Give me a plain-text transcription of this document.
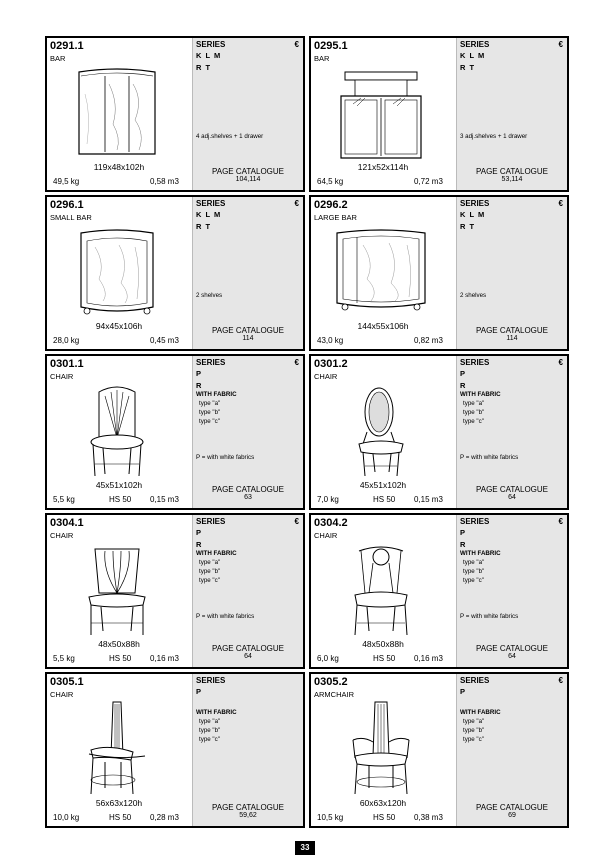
0291.1
BAR
119x48x102h
49,5 kg	0,58 m3
SERIES	€
K L M
R T
4 adj.shelves + 1 drawer
PAGE CATALOGUE
104,114
0295.1
BAR
121x52x114h
64,5 kg	0,72 m3
SERIES	€
K L M
R T
3 adj.shelves + 1 drawer
PAGE CATALOGUE
53,114
0296.1
SMALL BAR
94x45x106h
28,0 kg	0,45 m3
SERIES	€
K L M
R T
2 shelves
PAGE CATALOGUE
114
0296.2
LARGE BAR
144x55x106h
43,0 kg	0,82 m3
SERIES	€
K L M
R T
2 shelves
PAGE CATALOGUE
114
0301.1
CHAIR
45x51x102h
5,5 kg	HS 50 0,15 m3
SERIES	€
P
R
WITH FABRIC
type "a"
type "b"
type "c"
P = with white fabrics
PAGE CATALOGUE
63
0301.2
CHAIR
45x51x102h
7,0 kg	HS 50 0,15 m3
SERIES	€
P
R
WITH FABRIC
type "a"
type "b"
type "c"
P = with white fabrics
PAGE CATALOGUE
64
0304.1
CHAIR
48x50x88h
5,5 kg	HS 50 0,16 m3
SERIES	€
P
R
WITH FABRIC
type "a"
type "b"
type "c"
P = with white fabrics
PAGE CATALOGUE
64
0304.2
CHAIR
48x50x88h
6,0 kg	HS 50 0,16 m3
SERIES	€
P
R
WITH FABRIC
type "a"
type "b"
type "c"
P = with white fabrics
PAGE CATALOGUE
64
0305.1
CHAIR
56x63x120h
10,0 kg	HS 50 0,28 m3
SERIES
P
WITH FABRIC
type "a"
type "b"
type "c"
PAGE CATALOGUE
59,62
0305.2
ARMCHAIR
60x63x120h
10,5 kg	HS 50 0,38 m3
SERIES	€
P
WITH FABRIC
type "a"
type "b"
type "c"
PAGE CATALOGUE
69
33
